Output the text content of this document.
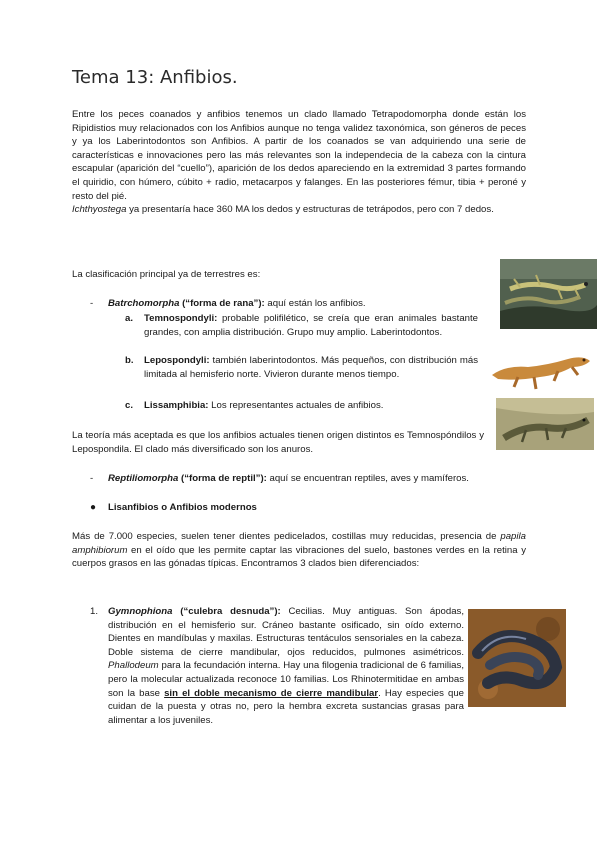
Tema 13: Anfibios.

Entre los peces coanados y anfibios tenemos un clado llamado Tetrapodomorpha donde están los Ripidistios muy relacionados con los Anfibios aunque no tenga validez taxonómica, son géneros de peces y ya los Laberintodontos son Anfibios. A partir de los coanados se van adquiriendo una serie de características e innovaciones pero las más relevantes son la independecia de la cabeza con la cintura escapular (aparición del “cuello”), aparición de los dedos apareciendo en la extremidad 3 partes formando el quiridio, con húmero, cúbito + radio, metacarpos y falanges. En las posteriores fémur, tibia + peroné y resto del pié.

Ichthyostega ya presentaría hace 360 MA los dedos y estructuras de tetrápodos, pero con 7 dedos.

La clasificación principal ya de terrestres es:

- Batrchomorpha (“forma de rana”): aquí están los anfibios.
a. Temnospondyli: probable polifilético, se creía que eran animales bastante grandes, con amplia distribución. Grupo muy amplio. Laberintodontos.
b. Lepospondyli: también laberintodontos. Más pequeños, con distribución más limitada al hemisferio norte. Vivieron durante menos tiempo.
c. Lissamphibia: Los representantes actuales de anfibios.

La teoría más aceptada es que los anfibios actuales tienen origen distintos es Temnospóndilos y Lepospondila. El clado más diversificado son los anuros.

- Reptiliomorpha (“forma de reptil”): aquí se encuentran reptiles, aves y mamíferos.
● Lisanfibios o Anfibios modernos

Más de 7.000 especies, suelen tener dientes pedicelados, costillas muy reducidas, presencia de papila amphibiorum en el oído que les permite captar las vibraciones del suelo, bastones verdes en la retina y cuerpos grasos en las gónadas típicas. Encontramos 3 clados bien diferenciados:

1. Gymnophiona (“culebra desnuda”): Cecilias. Muy antiguas. Son ápodas, distribución en el hemisferio sur. Cráneo bastante osificado, sin oído externo. Dientes en mandíbulas y maxilas. Estructuras tentáculos sensoriales en la cabeza. Doble sistema de cierre mandibular, ojos reducidos, pulmones asimétricos. Phallodeum para la fecundación interna. Hay una filogenia tradicional de 6 familias, pero la molecular actualizada reconoce 10 familias. Los Rhinotermitidae en ambas son la base sin el doble mecanismo de cierre mandibular. Hay especies que cuidan de la puesta y otras no, pero la hembra excreta sustancias grasas para alimentar a los juveniles.
